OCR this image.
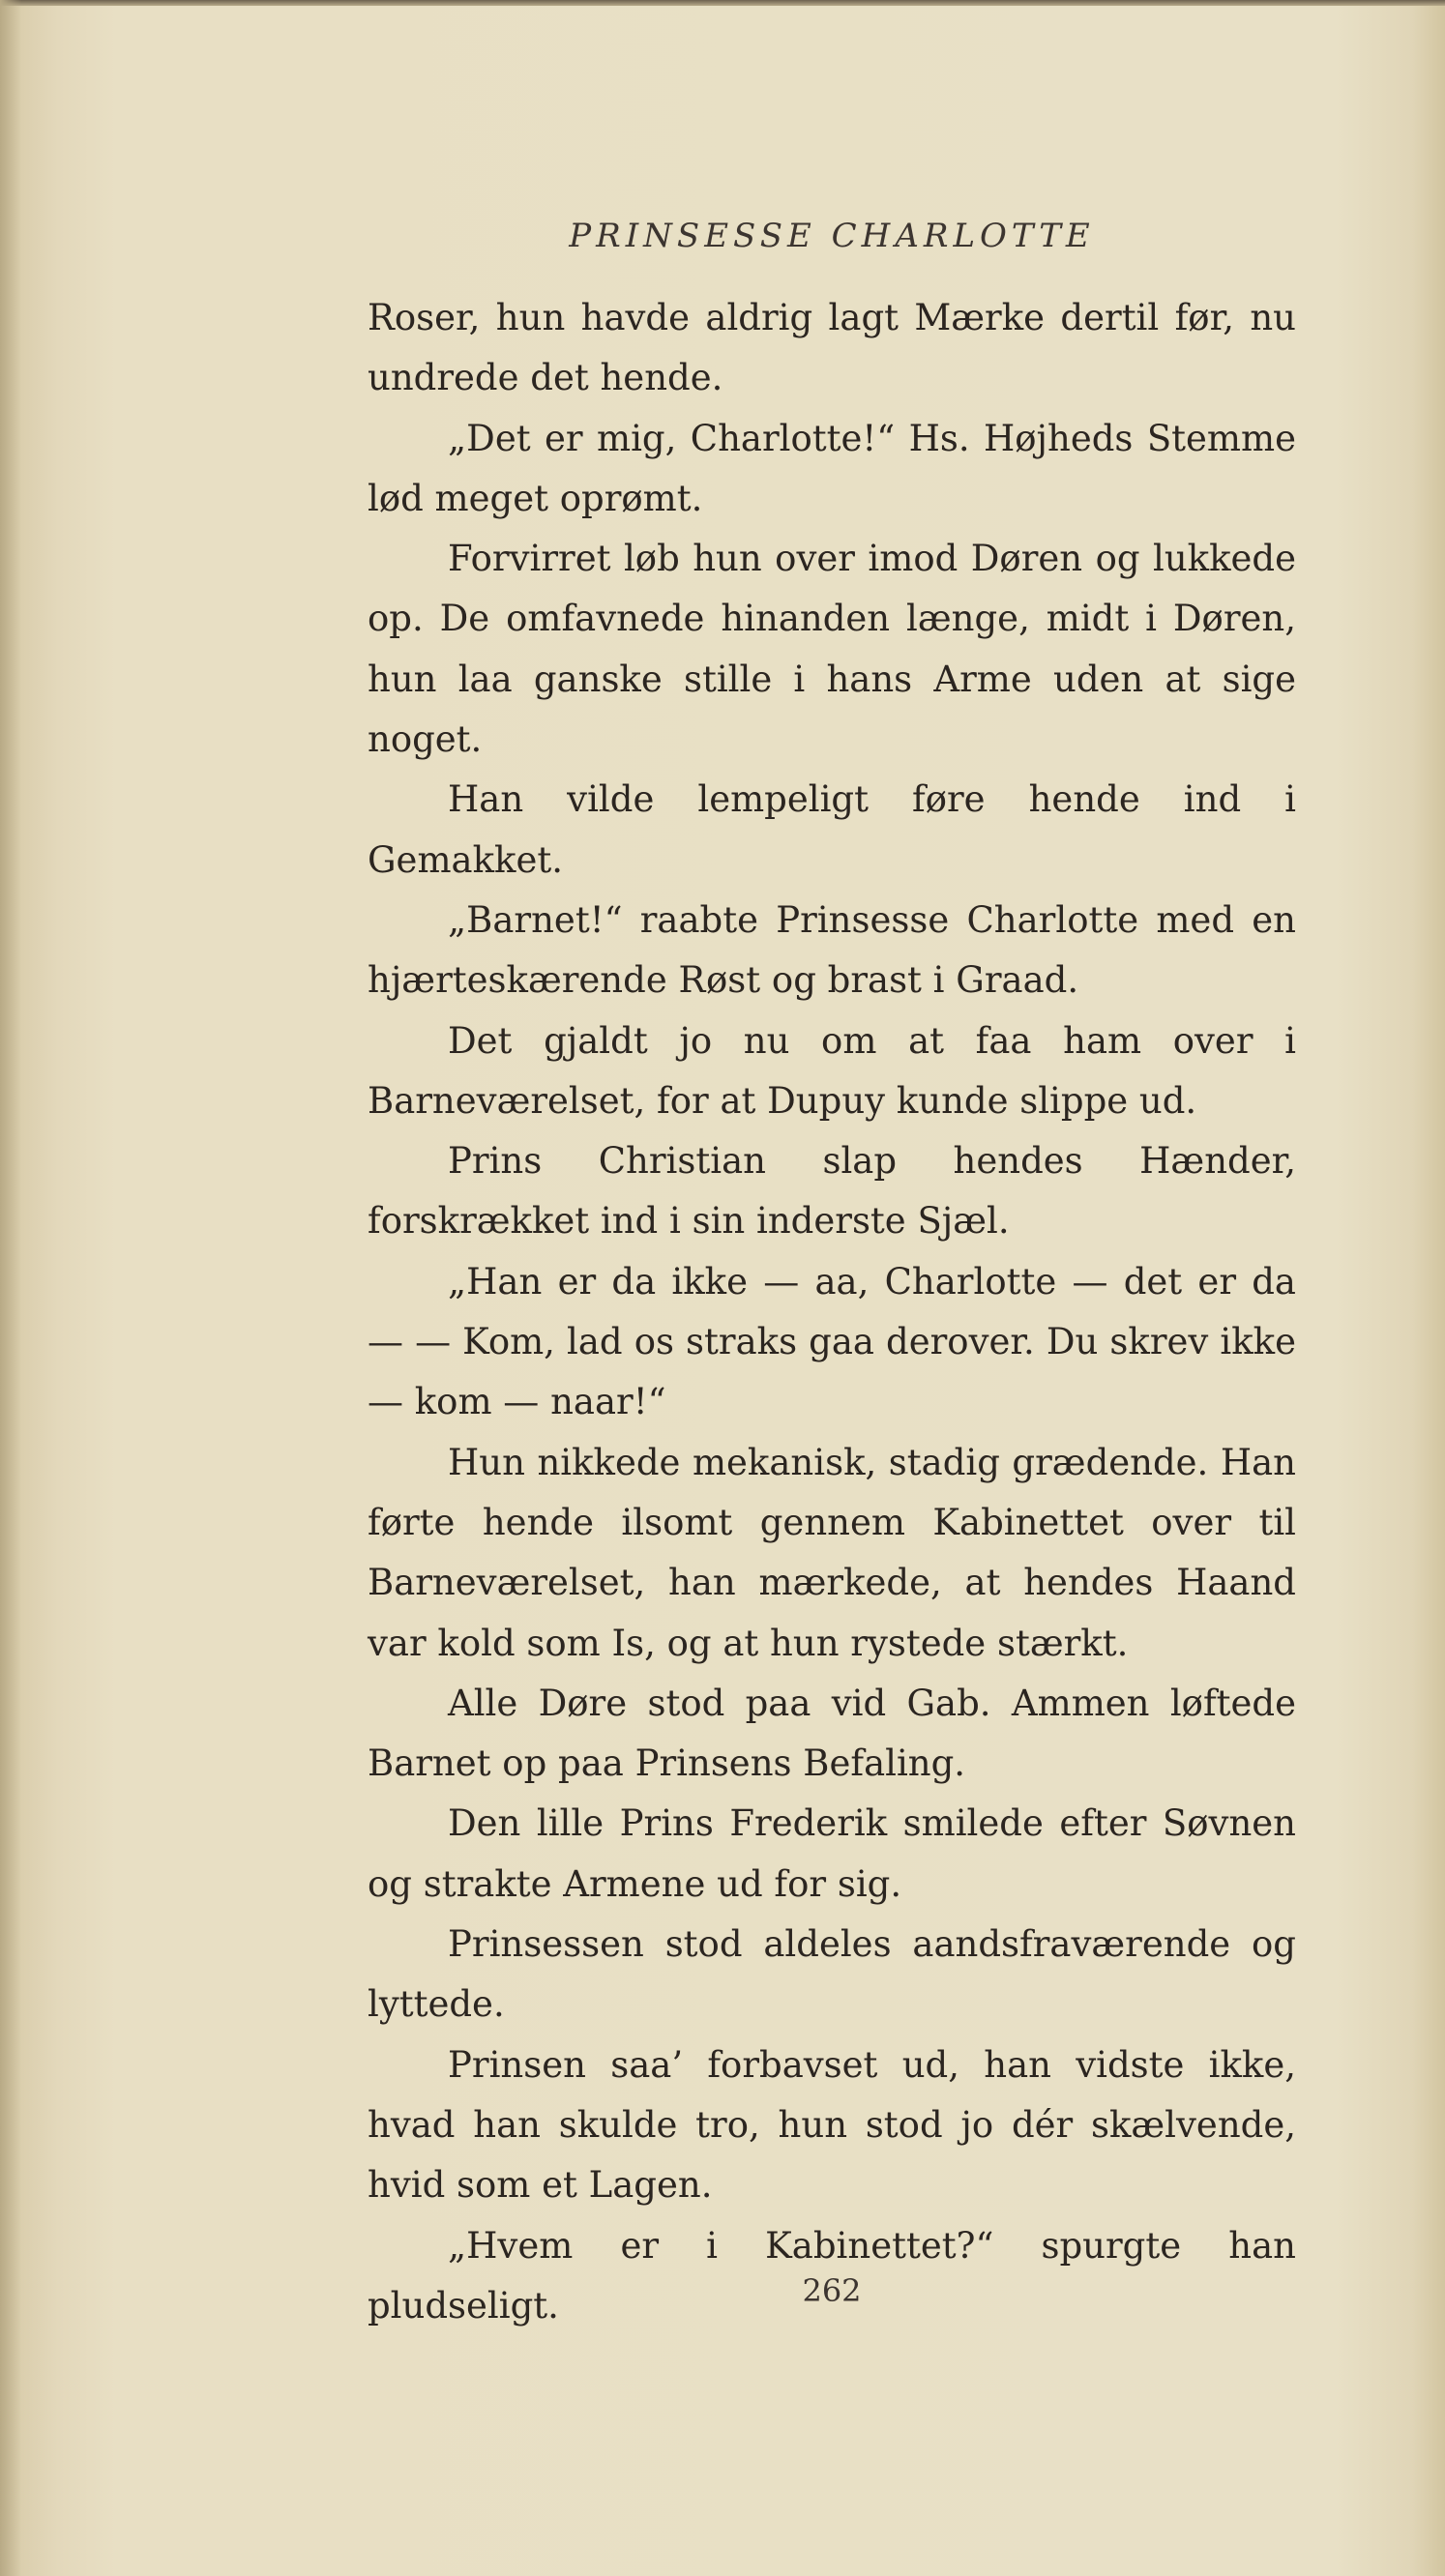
PRINSESSE CHARLOTTE

Roser, hun havde aldrig lagt Mærke dertil før, nu undrede det hende.

„Det er mig, Charlotte!“ Hs. Højheds Stemme lød meget oprømt.

Forvirret løb hun over imod Døren og lukkede op. De omfavnede hinanden længe, midt i Døren, hun laa ganske stille i hans Arme uden at sige noget.

Han vilde lempeligt føre hende ind i Gemakket.

„Barnet!“ raabte Prinsesse Charlotte med en hjærteskærende Røst og brast i Graad.

Det gjaldt jo nu om at faa ham over i Barneværelset, for at Dupuy kunde slippe ud.

Prins Christian slap hendes Hænder, forskrækket ind i sin inderste Sjæl.

„Han er da ikke — aa, Charlotte — det er da — — Kom, lad os straks gaa derover. Du skrev ikke — kom — naar!“

Hun nikkede mekanisk, stadig grædende. Han førte hende ilsomt gennem Kabinettet over til Barneværelset, han mærkede, at hendes Haand var kold som Is, og at hun rystede stærkt.

Alle Døre stod paa vid Gab. Ammen løftede Barnet op paa Prinsens Befaling.

Den lille Prins Frederik smilede efter Søvnen og strakte Armene ud for sig.

Prinsessen stod aldeles aandsfraværende og lyttede.

Prinsen saa’ forbavset ud, han vidste ikke, hvad han skulde tro, hun stod jo dér skælvende, hvid som et Lagen.

„Hvem er i Kabinettet?“ spurgte han pludseligt.	262
